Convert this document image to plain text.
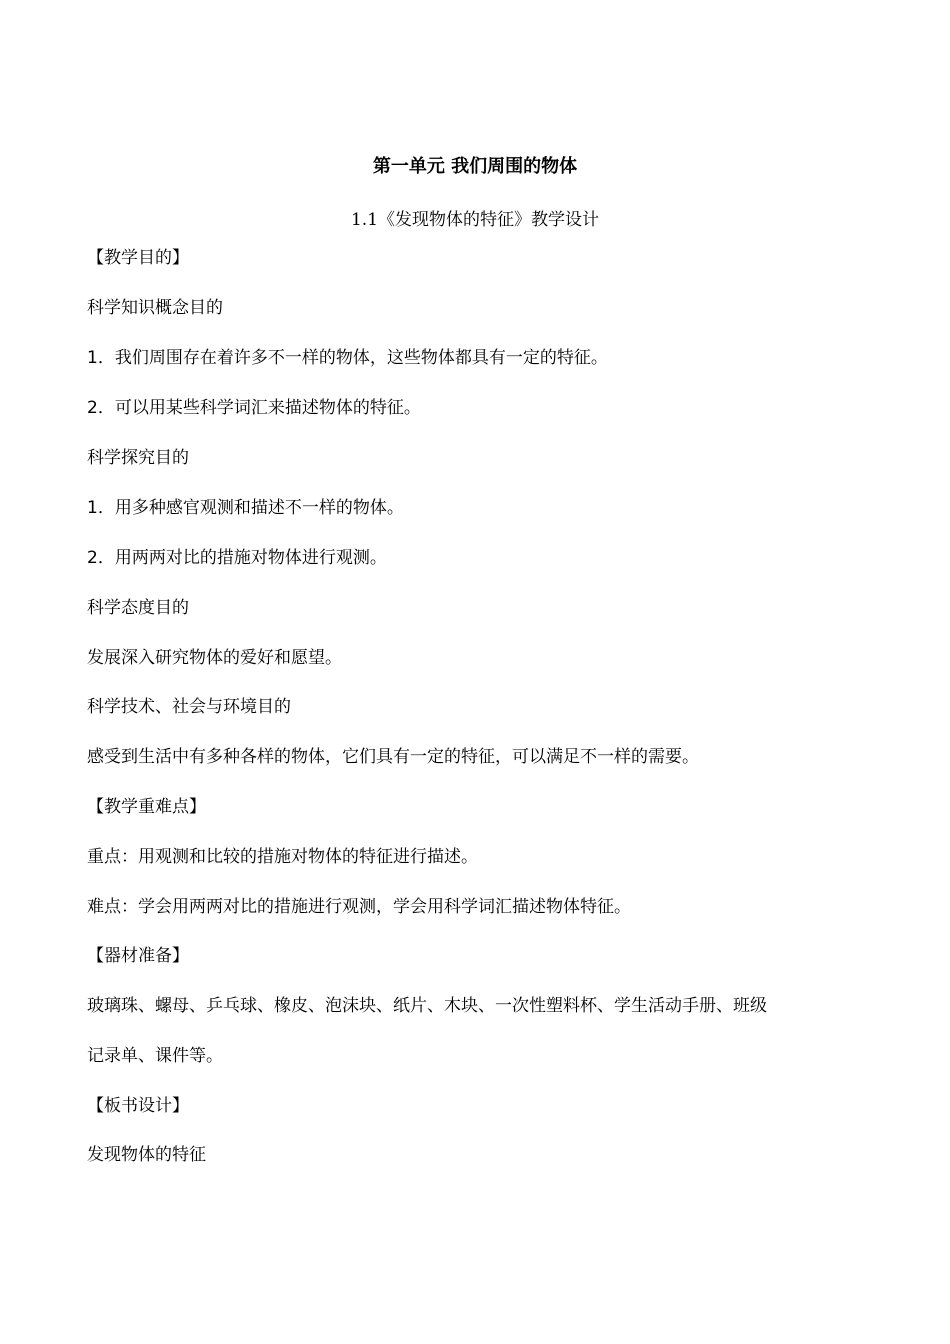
第一单元 我们周围的物体
1.1《发现物体的特征》教学设计
【教学目的】
科学知识概念目的
1．我们周围存在着许多不一样的物体，这些物体都具有一定的特征。
2．可以用某些科学词汇来描述物体的特征。
科学探究目的
1．用多种感官观测和描述不一样的物体。
2．用两两对比的措施对物体进行观测。
科学态度目的
发展深入研究物体的爱好和愿望。
科学技术、社会与环境目的
感受到生活中有多种各样的物体，它们具有一定的特征，可以满足不一样的需要。
【教学重难点】
重点：用观测和比较的措施对物体的特征进行描述。
难点：学会用两两对比的措施进行观测，学会用科学词汇描述物体特征。
【器材准备】
玻璃珠、螺母、乒乓球、橡皮、泡沫块、纸片、木块、一次性塑料杯、学生活动手册、班级
记录单、课件等。
【板书设计】
发现物体的特征
